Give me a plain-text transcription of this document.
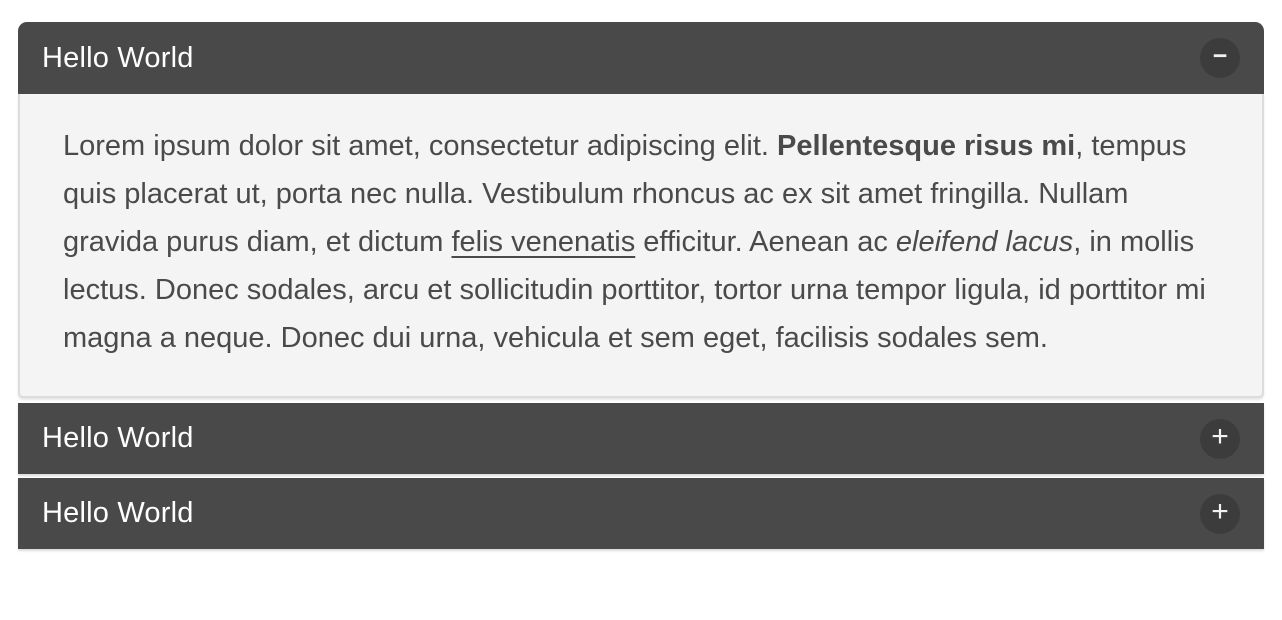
Hello World	−

Lorem ipsum dolor sit amet, consectetur adipiscing elit. Pellentesque risus mi, tempus quis placerat ut, porta nec nulla. Vestibulum rhoncus ac ex sit amet fringilla. Nullam gravida purus diam, et dictum felis venenatis efficitur. Aenean ac eleifend lacus, in mollis lectus. Donec sodales, arcu et sollicitudin porttitor, tortor urna tempor ligula, id porttitor mi magna a neque. Donec dui urna, vehicula et sem eget, facilisis sodales sem.

Hello World	+
Hello World	+
